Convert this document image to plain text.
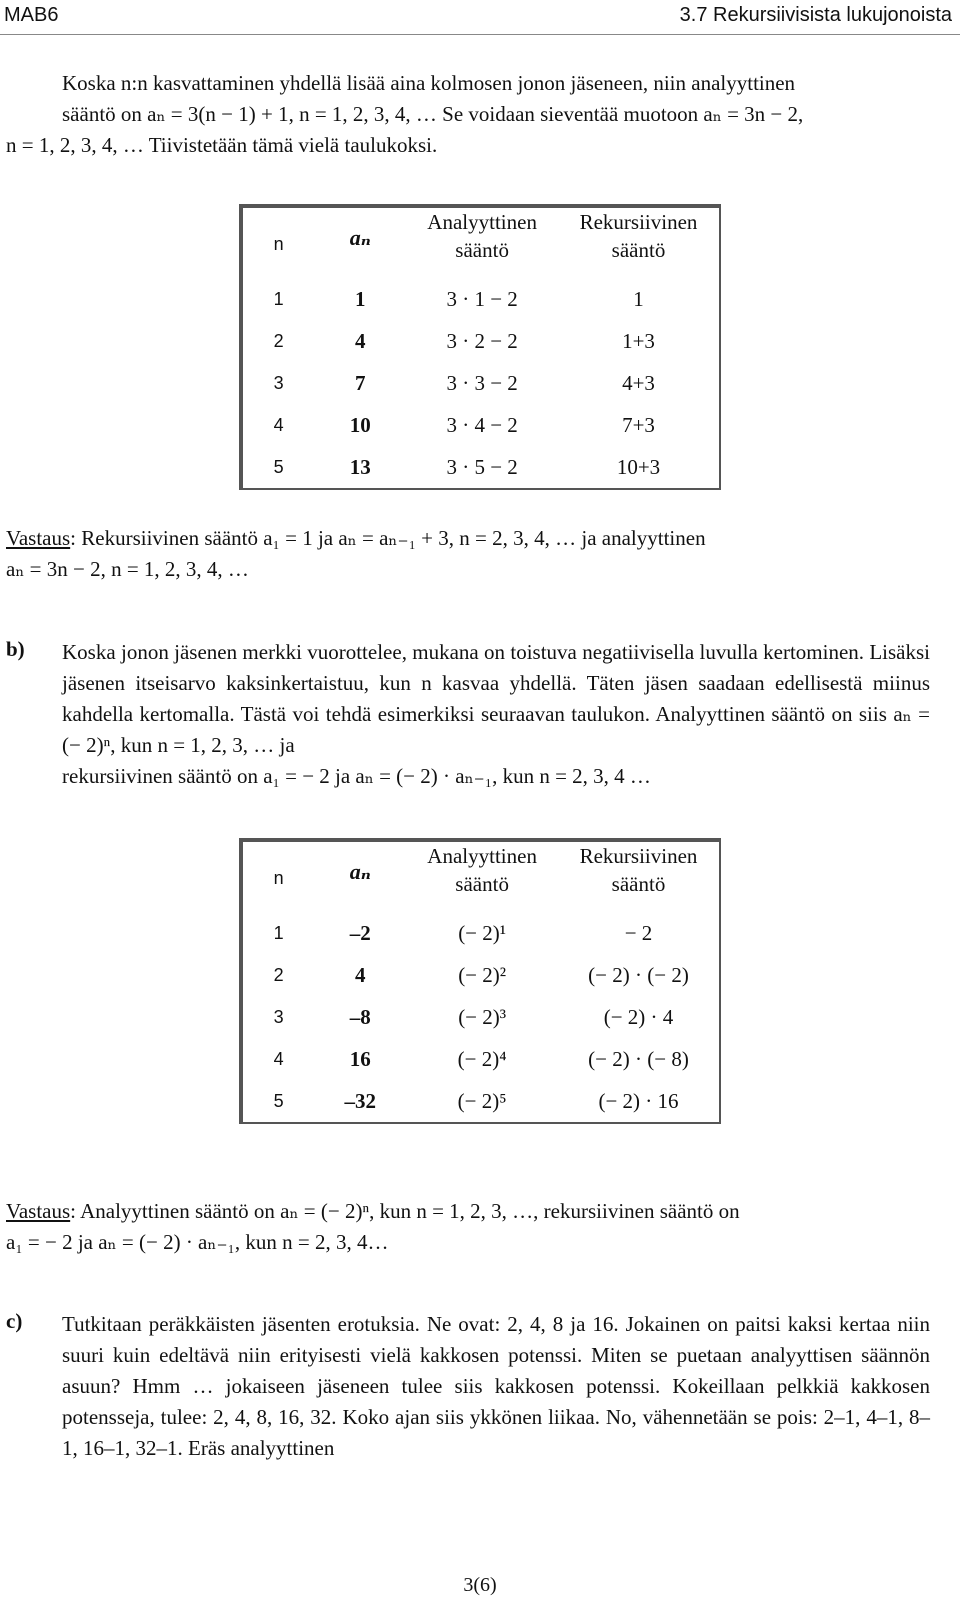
MAB6	3.7 Rekursiivisista lukujonoista
Koska n:n kasvattaminen yhdellä lisää aina kolmosen jonon jäseneen, niin analyyttinen
sääntö on aₙ = 3(n − 1) + 1, n = 1, 2, 3, 4, … Se voidaan sieventää muotoon aₙ = 3n − 2,
n = 1, 2, 3, 4, … Tiivistetään tämä vielä taulukoksi.
n	aₙ	Analyyttinen sääntö	Rekursiivinen sääntö
1	1	3 · 1 − 2	1
2	4	3 · 2 − 2	1+3
3	7	3 · 3 − 2	4+3
4	10	3 · 4 − 2	7+3
5	13	3 · 5 − 2	10+3
Vastaus: Rekursiivinen sääntö a₁ = 1 ja aₙ = aₙ₋₁ + 3, n = 2, 3, 4, … ja analyyttinen
aₙ = 3n − 2, n = 1, 2, 3, 4, …
b) Koska jonon jäsenen merkki vuorottelee, mukana on toistuva negatiivisella luvulla kertominen. Lisäksi jäsenen itseisarvo kaksinkertaistuu, kun n kasvaa yhdellä. Täten jäsen saadaan edellisestä miinus kahdella kertomalla. Tästä voi tehdä esimerkiksi seuraavan taulukon. Analyyttinen sääntö on siis aₙ = (− 2)ⁿ, kun n = 1, 2, 3, … ja
rekursiivinen sääntö on a₁ = − 2 ja aₙ = (− 2) · aₙ₋₁, kun n = 2, 3, 4 …
n	aₙ	Analyyttinen sääntö	Rekursiivinen sääntö
1	–2	(− 2)¹	− 2
2	4	(− 2)²	(− 2) · (− 2)
3	–8	(− 2)³	(− 2) · 4
4	16	(− 2)⁴	(− 2) · (− 8)
5	–32	(− 2)⁵	(− 2) · 16
Vastaus: Analyyttinen sääntö on aₙ = (− 2)ⁿ, kun n = 1, 2, 3, …, rekursiivinen sääntö on
a₁ = − 2 ja aₙ = (− 2) · aₙ₋₁, kun n = 2, 3, 4…
c) Tutkitaan peräkkäisten jäsenten erotuksia. Ne ovat: 2, 4, 8 ja 16. Jokainen on paitsi kaksi kertaa niin suuri kuin edeltävä niin erityisesti vielä kakkosen potenssi. Miten se puetaan analyyttisen säännön asuun? Hmm … jokaiseen jäseneen tulee siis kakkosen potenssi. Kokeillaan pelkkiä kakkosen potensseja, tulee: 2, 4, 8, 16, 32. Koko ajan siis ykkönen liikaa. No, vähennetään se pois: 2–1, 4–1, 8–1, 16–1, 32–1. Eräs analyyttinen
3(6)
